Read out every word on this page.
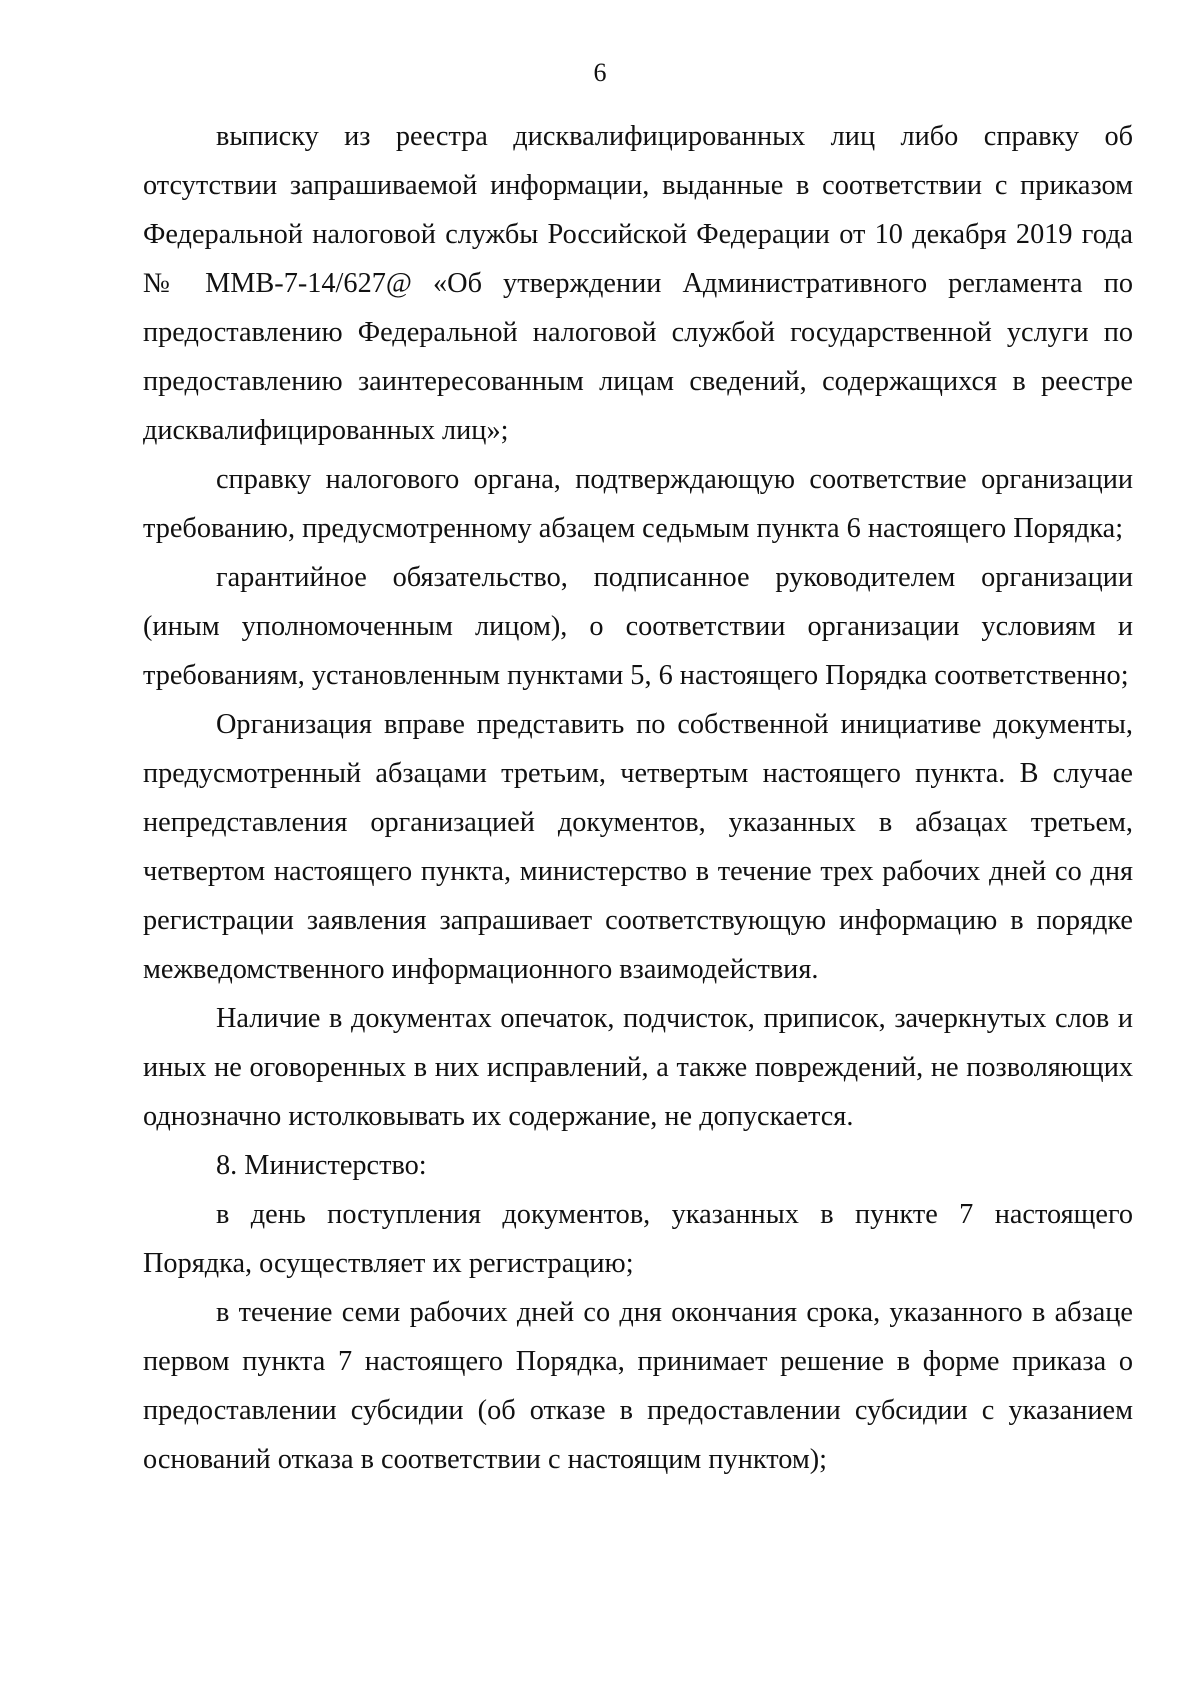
6

выписку из реестра дисквалифицированных лиц либо справку об отсутствии запрашиваемой информации, выданные в соответствии с приказом Федеральной налоговой службы Российской Федерации от 10 декабря 2019 года № ММВ-7-14/627@ «Об утверждении Административного регламента по предоставлению Федеральной налоговой службой государственной услуги по предоставлению заинтересованным лицам сведений, содержащихся в реестре дисквалифицированных лиц»;

справку налогового органа, подтверждающую соответствие организации требованию, предусмотренному абзацем седьмым пункта 6 настоящего Порядка;

гарантийное обязательство, подписанное руководителем организации (иным уполномоченным лицом), о соответствии организации условиям и требованиям, установленным пунктами 5, 6 настоящего Порядка соответственно;

Организация вправе представить по собственной инициативе документы, предусмотренный абзацами третьим, четвертым настоящего пункта. В случае непредставления организацией документов, указанных в абзацах третьем, четвертом настоящего пункта, министерство в течение трех рабочих дней со дня регистрации заявления запрашивает соответствующую информацию в порядке межведомственного информационного взаимодействия.

Наличие в документах опечаток, подчисток, приписок, зачеркнутых слов и иных не оговоренных в них исправлений, а также повреждений, не позволяющих однозначно истолковывать их содержание, не допускается.

8. Министерство:

в день поступления документов, указанных в пункте 7 настоящего Порядка, осуществляет их регистрацию;

в течение семи рабочих дней со дня окончания срока, указанного в абзаце первом пункта 7 настоящего Порядка, принимает решение в форме приказа о предоставлении субсидии (об отказе в предоставлении субсидии с указанием оснований отказа в соответствии с настоящим пунктом);
